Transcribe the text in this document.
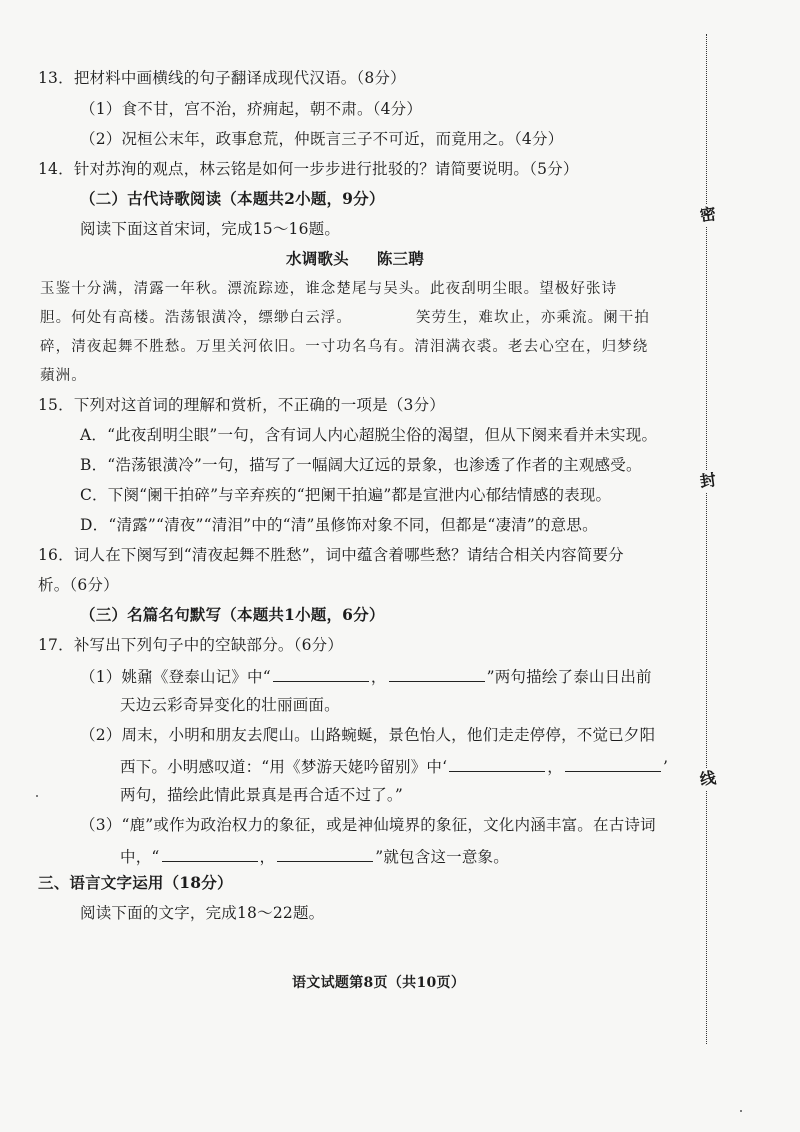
13．把材料中画横线的句子翻译成现代汉语。（8分）
（1）食不甘，宫不治，疥痈起，朝不肃。（4分）
（2）况桓公末年，政事怠荒，仲既言三子不可近，而竟用之。（4分）
14．针对苏洵的观点，林云铭是如何一步步进行批驳的？请简要说明。（5分）
（二）古代诗歌阅读（本题共2小题，9分）
阅读下面这首宋词，完成15～16题。
水调歌头 陈三聘
玉鉴十分满，清露一年秋。漂流踪迹，谁念楚尾与吴头。此夜刮明尘眼。望极好张诗
胆。何处有高楼。浩荡银潢冷，缥缈白云浮。	笑劳生，难坎止，亦乘流。阑干拍
碎，清夜起舞不胜愁。万里关河依旧。一寸功名乌有。清泪满衣裘。老去心空在，归梦绕
蘋洲。
15．下列对这首词的理解和赏析，不正确的一项是（3分）
A．“此夜刮明尘眼”一句，含有词人内心超脱尘俗的渴望，但从下阕来看并未实现。
B．“浩荡银潢冷”一句，描写了一幅阔大辽远的景象，也渗透了作者的主观感受。
C．下阕“阑干拍碎”与辛弃疾的“把阑干拍遍”都是宣泄内心郁结情感的表现。
D．“清露”“清夜”“清泪”中的“清”虽修饰对象不同，但都是“凄清”的意思。
16．词人在下阕写到“清夜起舞不胜愁”，词中蕴含着哪些愁？请结合相关内容简要分
析。（6分）
（三）名篇名句默写（本题共1小题，6分）
17．补写出下列句子中的空缺部分。（6分）
（1）姚鼐《登泰山记》中“	，	”两句描绘了泰山日出前
天边云彩奇异变化的壮丽画面。
（2）周末，小明和朋友去爬山。山路蜿蜒，景色怡人，他们走走停停，不觉已夕阳
西下。小明感叹道：“用《梦游天姥吟留别》中‘	，	’
两句，描绘此情此景真是再合适不过了。”
（3）“鹿”或作为政治权力的象征，或是神仙境界的象征，文化内涵丰富。在古诗词
中，“	，	”就包含这一意象。
三、语言文字运用（18分）
阅读下面的文字，完成18～22题。
语文试题第8页（共10页）
密
封
线
